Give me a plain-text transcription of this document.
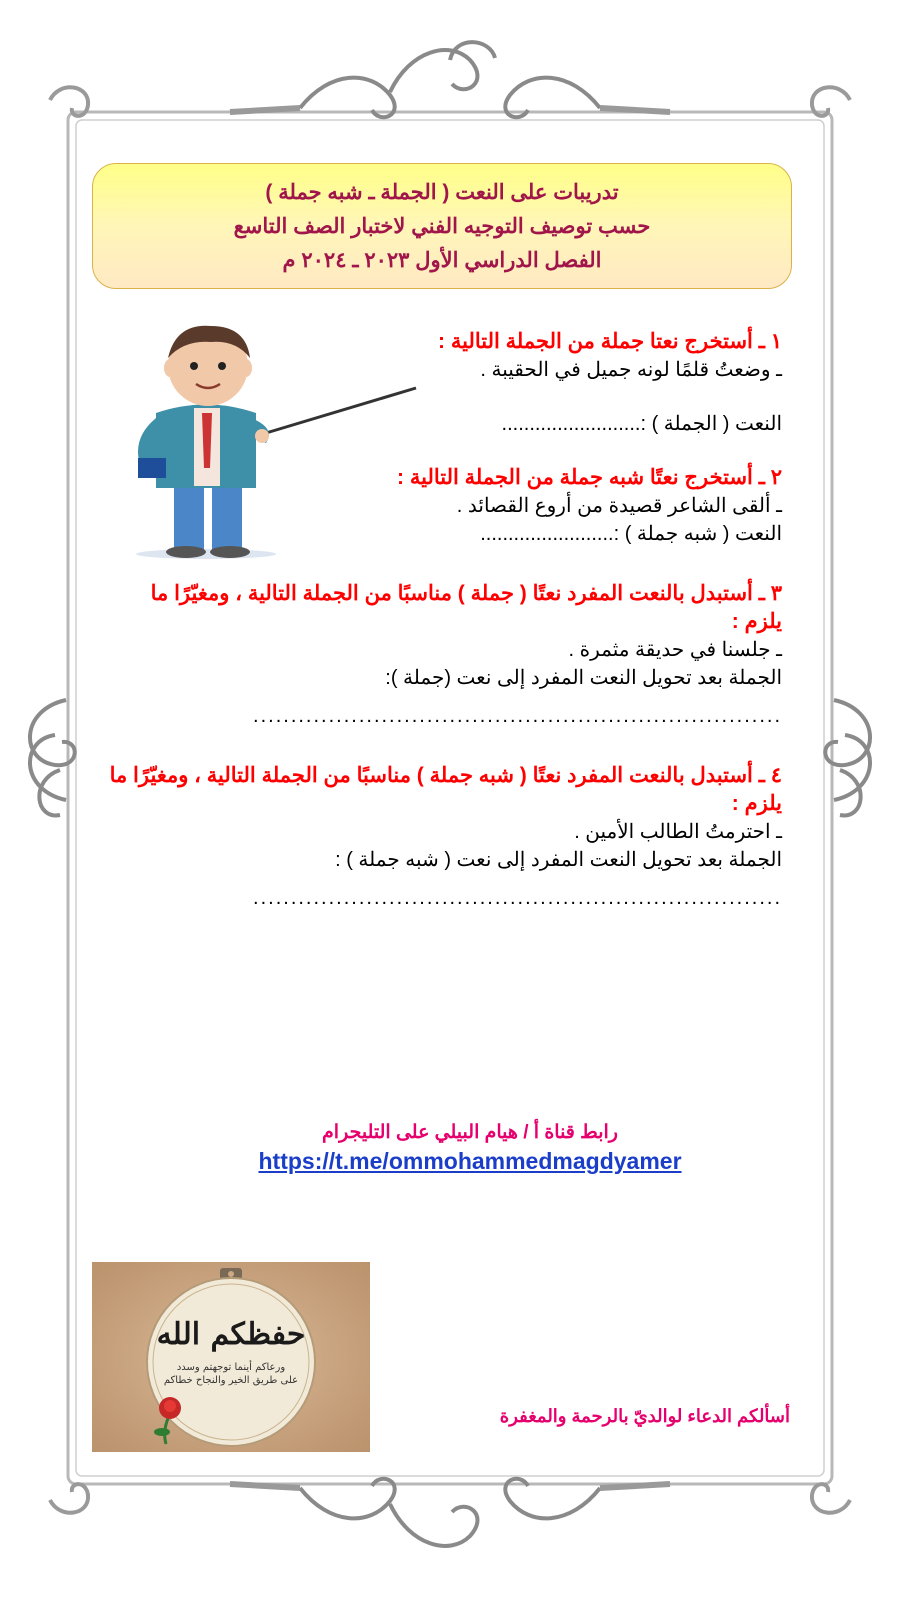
تدريبات على النعت ( الجملة ـ شبه جملة )
حسب توصيف التوجيه الفني لاختبار الصف التاسع
الفصل الدراسي الأول ٢٠٢٣ ـ ٢٠٢٤ م
١ ـ أستخرج نعتا جملة من الجملة التالية :
ـ وضعتُ قلمًا لونه جميل في الحقيبة .
النعت ( الجملة ) :.........................
٢ ـ أستخرج نعتًا شبه جملة من الجملة التالية :
ـ ألقى الشاعر قصيدة من أروع القصائد .
النعت ( شبه جملة ) :........................
٣ ـ أستبدل بالنعت المفرد نعتًا ( جملة ) مناسبًا من الجملة التالية ، ومغيّرًا ما يلزم :
ـ جلسنا في حديقة مثمرة .
الجملة بعد تحويل النعت المفرد إلى نعت (جملة ):
......................................................................
٤ ـ أستبدل بالنعت المفرد نعتًا ( شبه جملة ) مناسبًا من الجملة التالية ، ومغيّرًا ما يلزم :
ـ احترمتُ الطالب الأمين .
الجملة بعد تحويل النعت المفرد إلى نعت ( شبه جملة ) :
......................................................................
رابط قناة أ / هيام البيلي على التليجرام
https://t.me/ommohammedmagdyamer
حفظكم الله
ورعاكم أينما توجهتم وسدد
على طريق الخير والنجاح خطاكم
أسألكم الدعاء لوالديّ بالرحمة والمغفرة
